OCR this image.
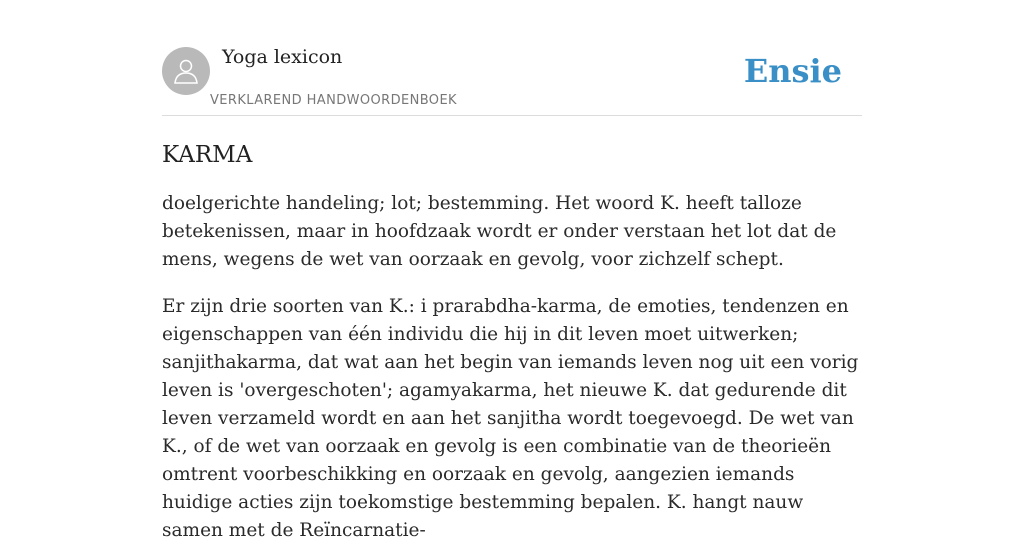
Yoga lexicon
VERKLAREND HANDWOORDENBOEK
Ensie
KARMA

doelgerichte handeling; lot; bestemming. Het woord K. heeft talloze betekenissen, maar in hoofdzaak wordt er onder verstaan het lot dat de mens, wegens de wet van oorzaak en gevolg, voor zichzelf schept.

Er zijn drie soorten van K.: i prarabdha-karma, de emoties, tendenzen en eigenschappen van één individu die hij in dit leven moet uitwerken; sanjithakarma, dat wat aan het begin van iemands leven nog uit een vorig leven is 'overgeschoten'; agamyakarma, het nieuwe K. dat gedurende dit leven verzameld wordt en aan het sanjitha wordt toegevoegd. De wet van K., of de wet van oorzaak en gevolg is een combinatie van de theorieën omtrent voorbeschikking en oorzaak en gevolg, aangezien iemands huidige acties zijn toekomstige bestemming bepalen. K. hangt nauw samen met de Reïncarnatie-
